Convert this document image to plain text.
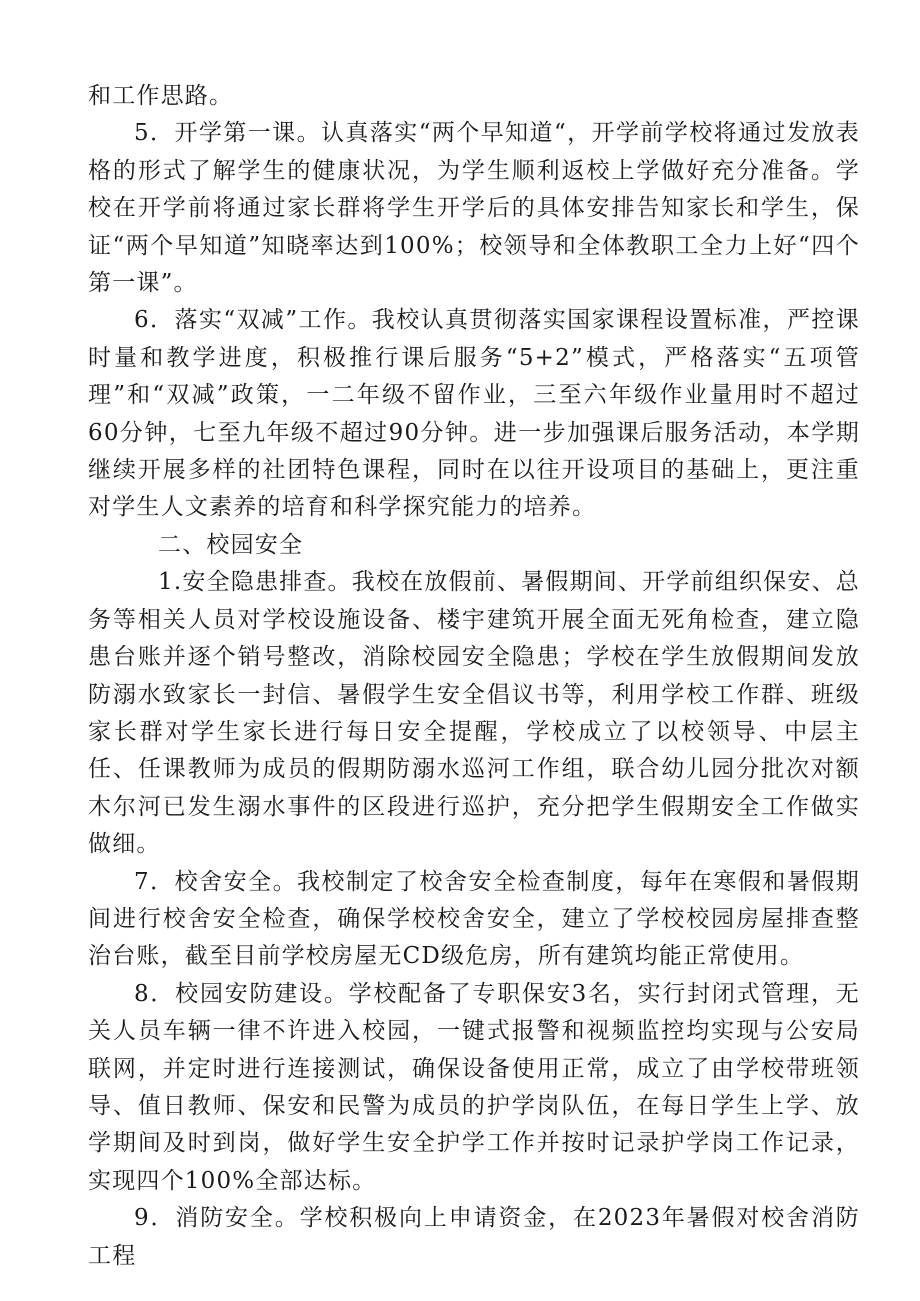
和工作思路。

5．开学第一课。认真落实“两个早知道“，开学前学校将通过发放表格的形式了解学生的健康状况，为学生顺利返校上学做好充分准备。学校在开学前将通过家长群将学生开学后的具体安排告知家长和学生，保证“两个早知道”知晓率达到100%；校领导和全体教职工全力上好“四个第一课”。

6．落实“双减”工作。我校认真贯彻落实国家课程设置标准，严控课时量和教学进度，积极推行课后服务“5+2”模式，严格落实“五项管理”和“双减”政策，一二年级不留作业，三至六年级作业量用时不超过60分钟，七至九年级不超过90分钟。进一步加强课后服务活动，本学期继续开展多样的社团特色课程，同时在以往开设项目的基础上，更注重对学生人文素养的培育和科学探究能力的培养。

二、校园安全

1.安全隐患排查。我校在放假前、暑假期间、开学前组织保安、总务等相关人员对学校设施设备、楼宇建筑开展全面无死角检查，建立隐患台账并逐个销号整改，消除校园安全隐患；学校在学生放假期间发放防溺水致家长一封信、暑假学生安全倡议书等，利用学校工作群、班级家长群对学生家长进行每日安全提醒，学校成立了以校领导、中层主任、任课教师为成员的假期防溺水巡河工作组，联合幼儿园分批次对额木尔河已发生溺水事件的区段进行巡护，充分把学生假期安全工作做实做细。

7．校舍安全。我校制定了校舍安全检查制度，每年在寒假和暑假期间进行校舍安全检查，确保学校校舍安全，建立了学校校园房屋排查整治台账，截至目前学校房屋无CD级危房，所有建筑均能正常使用。

8．校园安防建设。学校配备了专职保安3名，实行封闭式管理，无关人员车辆一律不许进入校园，一键式报警和视频监控均实现与公安局联网，并定时进行连接测试，确保设备使用正常，成立了由学校带班领导、值日教师、保安和民警为成员的护学岗队伍，在每日学生上学、放学期间及时到岗，做好学生安全护学工作并按时记录护学岗工作记录，实现四个100%全部达标。

9．消防安全。学校积极向上申请资金，在2023年暑假对校舍消防工程
